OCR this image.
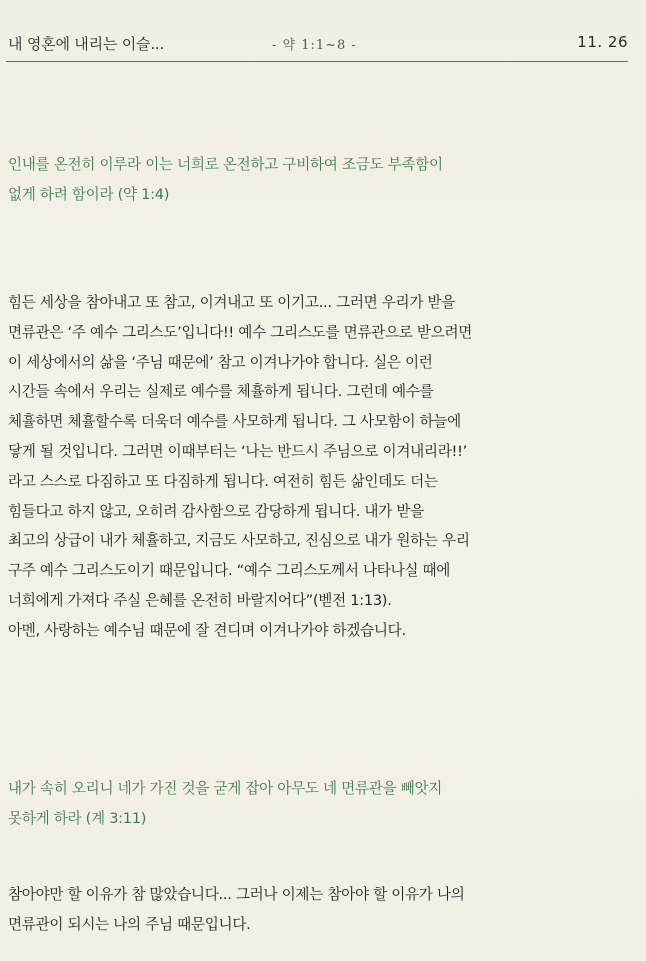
내 영혼에 내리는 이슬...	- 약 1:1~8 -	11. 26
인내를 온전히 이루라 이는 너희로 온전하고 구비하여 조금도 부족함이
없게 하려 함이라 (약 1:4)
힘든 세상을 참아내고 또 참고, 이겨내고 또 이기고... 그러면 우리가 받을
면류관은 ‘주 예수 그리스도’입니다!! 예수 그리스도를 면류관으로 받으려면
이 세상에서의 삶을 ‘주님 때문에’ 참고 이겨나가야 합니다. 실은 이런
시간들 속에서 우리는 실제로 예수를 체휼하게 됩니다. 그런데 예수를
체휼하면 체휼할수록 더욱더 예수를 사모하게 됩니다. 그 사모함이 하늘에
닿게 될 것입니다. 그러면 이때부터는 ‘나는 반드시 주님으로 이겨내리라!!’
라고 스스로 다짐하고 또 다짐하게 됩니다. 여전히 힘든 삶인데도 더는
힘들다고 하지 않고, 오히려 감사함으로 감당하게 됩니다. 내가 받을
최고의 상급이 내가 체휼하고, 지금도 사모하고, 진심으로 내가 원하는 우리
구주 예수 그리스도이기 때문입니다. “예수 그리스도께서 나타나실 때에
너희에게 가져다 주실 은혜를 온전히 바랄지어다”(벧전 1:13).
아멘, 사랑하는 예수님 때문에 잘 견디며 이겨나가야 하겠습니다.
내가 속히 오리니 네가 가진 것을 굳게 잡아 아무도 네 면류관을 빼앗지
못하게 하라 (계 3:11)
참아야만 할 이유가 참 많았습니다... 그러나 이제는 참아야 할 이유가 나의
면류관이 되시는 나의 주님 때문입니다.
